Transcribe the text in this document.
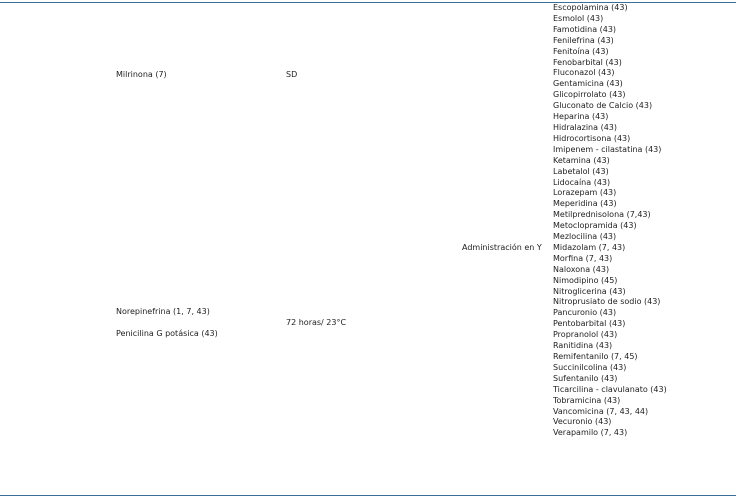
Milrinona (7)	SD
Norepinefrina (1, 7, 43)
72 horas/ 23°C
Penicilina G potásica (43)
Administración en Y
Escopolamina (43)
Esmolol (43)
Famotidina (43)
Fenilefrina (43)
Fenitoína (43)
Fenobarbital (43)
Fluconazol (43)
Gentamicina (43)
Glicopirrolato (43)
Gluconato de Calcio (43)
Heparina (43)
Hidralazina (43)
Hidrocortisona (43)
Imipenem - cilastatina (43)
Ketamina (43)
Labetalol (43)
Lidocaína (43)
Lorazepam (43)
Meperidina (43)
Metilprednisolona (7,43)
Metoclopramida (43)
Mezlocilina (43)
Midazolam (7, 43)
Morfina (7, 43)
Naloxona (43)
Nimodipino (45)
Nitroglicerina (43)
Nitroprusiato de sodio (43)
Pancuronio (43)
Pentobarbital (43)
Propranolol (43)
Ranitidina (43)
Remifentanilo (7, 45)
Succinilcolina (43)
Sufentanilo (43)
Ticarcilina - clavulanato (43)
Tobramicina (43)
Vancomicina (7, 43, 44)
Vecuronio (43)
Verapamilo (7, 43)
